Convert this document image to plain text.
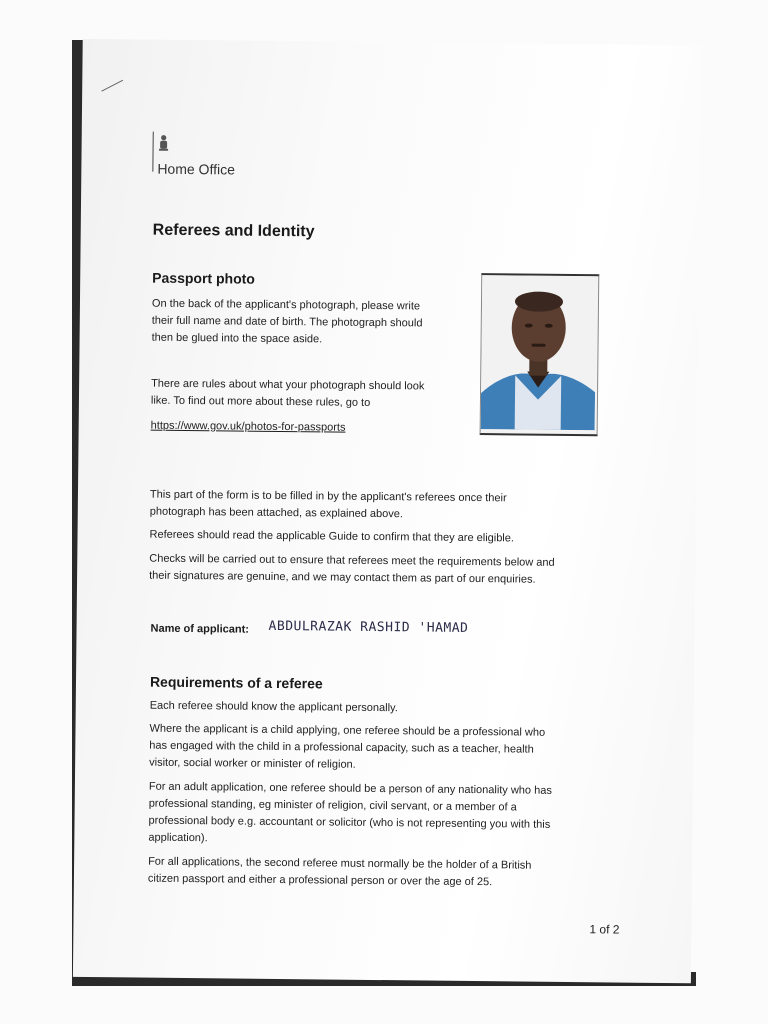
Home Office
Referees and Identity
Passport photo
On the back of the applicant's photograph, please write
their full name and date of birth. The photograph should
then be glued into the space aside.
There are rules about what your photograph should look
like. To find out more about these rules, go to
https://www.gov.uk/photos-for-passports
This part of the form is to be filled in by the applicant's referees once their
photograph has been attached, as explained above.
Referees should read the applicable Guide to confirm that they are eligible.
Checks will be carried out to ensure that referees meet the requirements below and
their signatures are genuine, and we may contact them as part of our enquiries.
Name of applicant: ABDULRAZAK RASHID 'HAMAD
Requirements of a referee
Each referee should know the applicant personally.
Where the applicant is a child applying, one referee should be a professional who
has engaged with the child in a professional capacity, such as a teacher, health
visitor, social worker or minister of religion.
For an adult application, one referee should be a person of any nationality who has
professional standing, eg minister of religion, civil servant, or a member of a
professional body e.g. accountant or solicitor (who is not representing you with this
application).
For all applications, the second referee must normally be the holder of a British
citizen passport and either a professional person or over the age of 25.
1 of 2
